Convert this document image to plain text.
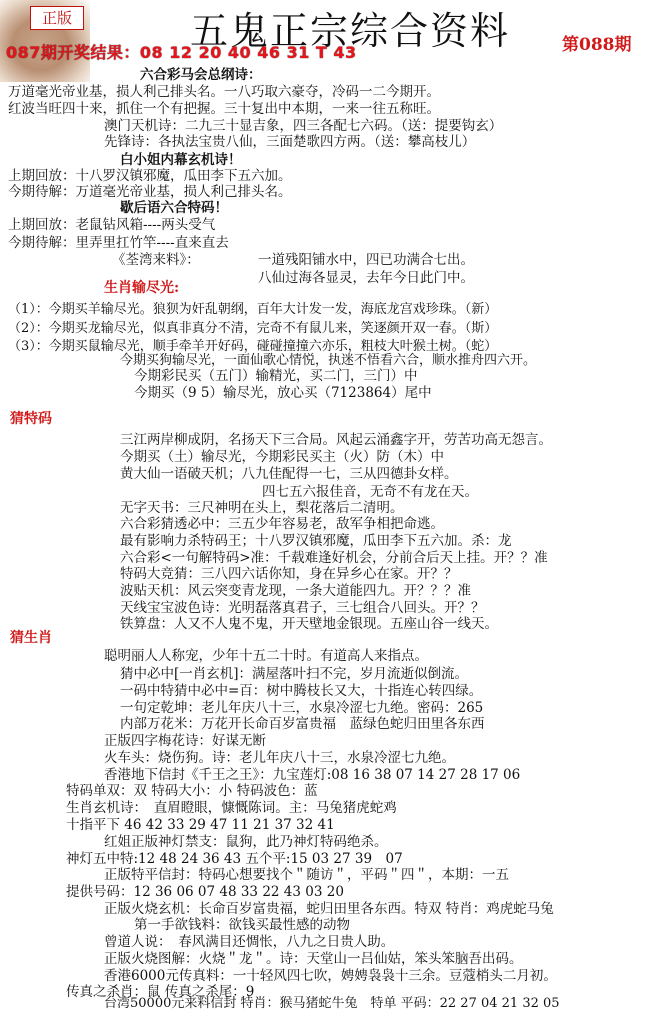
正版	五鬼正宗综合资料	第088期
087期开奖结果：08 12 20 40 46 31 T 43
六合彩马会总纲诗：
万道毫光帝业基，损人利己排头名。一八巧取六豪夺，冷码一二今期开。
红波当旺四十来，抓住一个有把握。三十复出中本期，一来一往五称旺。
澳门天机诗：二九三十显吉象，四三各配七六码。（送：提要钩玄）
先锋诗：各执法宝贵八仙，三面楚歌四方两。（送：攀高枝儿）
白小姐内幕玄机诗！
上期回放：十八罗汉镇邪魔，瓜田李下五六加。
今期待解：万道毫光帝业基，损人利己排头名。
歇后语六合特码！
上期回放：老鼠钻风箱----两头受气
今期待解：里弄里扛竹竿----直来直去
《荃湾来料》：	一道残阳铺水中，四已功满合七出。
八仙过海各显灵，去年今日此门中。
生肖输尽光:
（1）：今期买羊输尽光。狼狈为奸乱朝纲，百年大计发一发，海底龙宫戏珍珠。（新）
（2）：今期买龙输尽光，似真非真分不清，完奇不有鼠儿来，笑逐颜开双一春。（斯）
（3）：今期买鼠输尽光，顺手牵羊开好码，碰碰撞撞六亦乐，粗枝大叶猴土树。（蛇）
今期买狗输尽光，一面仙歌心情悦，执迷不悟看六合，顺水推舟四六开。
今期彩民买（五门）输精光，买二门，三门）中
今期买（9 5）输尽光，放心买（7123864）尾中
猜特码
三江两岸柳成阴，名扬天下三合局。风起云涌鑫字开，劳苦功高无怨言。
今期买（土）输尽光，今期彩民买主（火）防（木）中
黄大仙一语破天机；八九佳配得一七，三从四德卦女样。
四七五六报佳音，无奇不有龙在天。
无字天书：三尺神明在头上，梨花落后二清明。
六合彩猜透必中：三五少年容易老，敌军争相把命逃。
最有影响力杀特码王；十八罗汉镇邪魔，瓜田李下五六加。杀：龙
六合彩<一句解特码>准：千载难逢好机会，分前合后天上挂。开？？准
特码大竞猜：三八四六话你知，身在异乡心在家。开？？
波贴天机：风云突变青龙现，一条大道能四九。开？？？准
天线宝宝波色诗：光明磊落真君子，三七组合八回头。开？？
铁算盘：人又不人鬼不鬼，开天壁地金银现。五座山谷一线天。
猜生肖
聪明丽人人称宠，少年十五二十时。有道高人来指点。
猜中必中[一肖玄机]：满屋落叶扫不完，岁月流逝似倒流。
一码中特猜中必中=百：树中腾枝长又大，十指连心转四绿。
一句定乾坤：老儿年庆八十三，水泉冷涩七九绝。密码：265
内部万花米：万花开长命百岁富贵福　蓝绿色蛇归田里各东西
正版四字梅花诗：好谋无断
火车头：烧伤狗。诗：老儿年庆八十三，水泉冷涩七九绝。
香港地下信封《千王之王》：九宝莲灯:08 16 38 07 14 27 28 17 06
特码单双：双 特码大小：小 特码波色：蓝
生肖玄机诗：　直眉瞪眼，慷慨陈词。主：马兔猪虎蛇鸡
十指平下 46 42 33 29 47 11 21 37 32 41
红姐正版神灯禁支：鼠狗，此乃神灯特码绝杀。
神灯五中特:12 48 24 36 43 五个平:15 03 27 39　07
正版特平信封：特码心想要找个＂随访＂，平码＂四＂，本期：一五
提供号码：12 36 06 07 48 33 22 43 03 20
正版火烧玄机：长命百岁富贵福，蛇归田里各东西。特双 特肖：鸡虎蛇马兔
第一手欲钱料：欲钱买最性感的动物
曾道人说：　春风满目还惆怅，八九之日贵人助。
正版火烧图解：火烧＂龙＂。诗：天堂山一吕仙姑，笨头笨脑吾出码。
香港6000元传真料：一十轻风四七吹，娉娉袅袅十三余。豆蔻梢头二月初。
传真之杀肖：鼠 传真之杀尾：9
台湾50000元来料信封 特肖：猴马猪蛇牛兔　特单 平码：22 27 04 21 32 05
